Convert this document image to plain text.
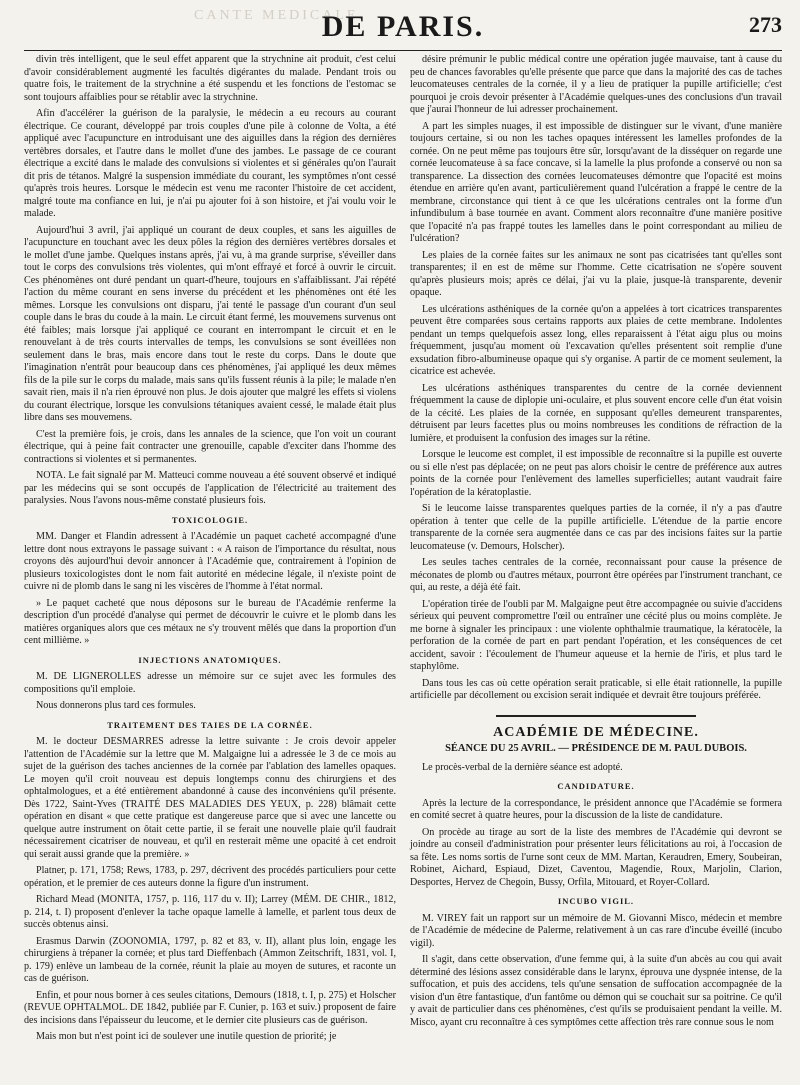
CANTE MEDICALE
DE PARIS.	273

divin très intelligent, que le seul effet apparent que la strychnine ait produit, c'est celui d'avoir considérablement augmenté les facultés digérantes du malade. Pendant trois ou quatre fois, le traitement de la strychnine a été suspendu et les fonctions de l'estomac se sont toujours affaiblies pour se rétablir avec la strychnine.

Afin d'accélérer la guérison de la paralysie, le médecin a eu recours au courant électrique. Ce courant, développé par trois couples d'une pile à colonne de Volta, a été appliqué avec l'acupuncture en introduisant une des aiguilles dans la région des dernières vertèbres dorsales, et l'autre dans le mollet d'une des jambes. Le passage de ce courant électrique a excité dans le malade des convulsions si violentes et si générales qu'on l'aurait dit pris de tétanos. Malgré la suspension immédiate du courant, les symptômes n'ont cessé qu'après trois heures. Lorsque le médecin est venu me raconter l'histoire de cet accident, malgré toute ma confiance en lui, je n'ai pu ajouter foi à son histoire, et j'ai voulu voir le malade.

Aujourd'hui 3 avril, j'ai appliqué un courant de deux couples, et sans les aiguilles de l'acupuncture en touchant avec les deux pôles la région des dernières vertèbres dorsales et le mollet d'une jambe. Quelques instans après, j'ai vu, à ma grande surprise, s'éveiller dans tout le corps des convulsions très violentes, qui m'ont effrayé et forcé à ouvrir le circuit. Ces phénomènes ont duré pendant un quart-d'heure, toujours en s'affaiblissant. J'ai répété l'action du même courant en sens inverse du précédent et les phénomènes ont été les mêmes. Lorsque les convulsions ont disparu, j'ai tenté le passage d'un courant d'un seul couple dans le bras du coude à la main. Le circuit étant fermé, les mouvemens survenus ont été faibles; mais lorsque j'ai appliqué ce courant en interrompant le circuit et en le renouvelant à de très courts intervalles de temps, les convulsions se sont éveillées non seulement dans le bras, mais encore dans tout le reste du corps. Dans le doute que l'imagination n'entrât pour beaucoup dans ces phénomènes, j'ai appliqué les deux mêmes fils de la pile sur le corps du malade, mais sans qu'ils fussent réunis à la pile; le malade n'en savait rien, mais il n'a rien éprouvé non plus. Je dois ajouter que malgré les effets si violens du courant électrique, lorsque les convulsions tétaniques avaient cessé, le malade était plus libre dans ses mouvemens.

C'est la première fois, je crois, dans les annales de la science, que l'on voit un courant électrique, qui à peine fait contracter une grenouille, capable d'exciter dans l'homme des contractions si violentes et si permanentes.

NOTA. Le fait signalé par M. Matteuci comme nouveau a été souvent observé et indiqué par les médecins qui se sont occupés de l'application de l'électricité au traitement des paralysies. Nous l'avons nous-même constaté plusieurs fois.

TOXICOLOGIE.

MM. Danger et Flandin adressent à l'Académie un paquet cacheté accompagné d'une lettre dont nous extrayons le passage suivant : « A raison de l'importance du résultat, nous croyons dès aujourd'hui devoir annoncer à l'Académie que, contrairement à l'opinion de plusieurs toxicologistes dont le nom fait autorité en médecine légale, il n'existe point de cuivre ni de plomb dans le sang ni les viscères de l'homme à l'état normal.

» Le paquet cacheté que nous déposons sur le bureau de l'Académie renferme la description d'un procédé d'analyse qui permet de découvrir le cuivre et le plomb dans les matières organiques alors que ces métaux ne s'y trouvent mêlés que dans la proportion d'un cent millième. »

INJECTIONS ANATOMIQUES.

M. DE LIGNEROLLES adresse un mémoire sur ce sujet avec les formules des compositions qu'il emploie.

Nous donnerons plus tard ces formules.

TRAITEMENT DES TAIES DE LA CORNÉE.

M. le docteur DESMARRES adresse la lettre suivante : Je crois devoir appeler l'attention de l'Académie sur la lettre que M. Malgaigne lui a adressée le 3 de ce mois au sujet de la guérison des taches anciennes de la cornée par l'ablation des lamelles opaques. Le moyen qu'il croit nouveau est depuis longtemps connu des chirurgiens et des ophtalmologues, et a été entièrement abandonné à cause des inconvéniens qu'il présente. Dès 1722, Saint-Yves (TRAITÉ DES MALADIES DES YEUX, p. 228) blâmait cette opération en disant « que cette pratique est dangereuse parce que si avec une lancette ou quelque autre instrument on ôtait cette partie, il se ferait une nouvelle plaie qu'il faudrait nécessairement cicatriser de nouveau, et qu'il en resterait même une opacité à cet endroit qui serait aussi grande que la première. »

Platner, p. 171, 1758; Rews, 1783, p. 297, décrivent des procédés particuliers pour cette opération, et le premier de ces auteurs donne la figure d'un instrument.

Richard Mead (MONITA, 1757, p. 116, 117 du v. II); Larrey (MÉM. DE CHIR., 1812, p. 214, t. I) proposent d'enlever la tache opaque lamelle à lamelle, et parlent tous deux de succès obtenus ainsi.

Erasmus Darwin (ZOONOMIA, 1797, p. 82 et 83, v. II), allant plus loin, engage les chirurgiens à trépaner la cornée; et plus tard Dieffenbach (Ammon Zeitschrift, 1831, vol. I, p. 179) enlève un lambeau de la cornée, réunit la plaie au moyen de sutures, et raconte un cas de guérison.

Enfin, et pour nous borner à ces seules citations, Demours (1818, t. I, p. 275) et Holscher (REVUE OPHTALMOL. DE 1842, publiée par F. Cunier, p. 163 et suiv.) proposent de faire des incisions dans l'épaisseur du leucome, et le dernier cite plusieurs cas de guérison.

Mais mon but n'est point ici de soulever une inutile question de priorité; je

désire prémunir le public médical contre une opération jugée mauvaise, tant à cause du peu de chances favorables qu'elle présente que parce que dans la majorité des cas de taches leucomateuses centrales de la cornée, il y a lieu de pratiquer la pupille artificielle; c'est pourquoi je crois devoir présenter à l'Académie quelques-unes des conclusions d'un travail que j'aurai l'honneur de lui adresser prochainement.

A part les simples nuages, il est impossible de distinguer sur le vivant, d'une manière toujours certaine, si ou non les taches opaques intéressent les lamelles profondes de la cornée. On ne peut même pas toujours être sûr, lorsqu'avant de la disséquer on regarde une cornée leucomateuse à sa face concave, si la lamelle la plus profonde a conservé ou non sa transparence. La dissection des cornées leucomateuses démontre que l'opacité est moins étendue en arrière qu'en avant, particulièrement quand l'ulcération a frappé le centre de la membrane, circonstance qui tient à ce que les ulcérations centrales ont la forme d'un infundibulum à base tournée en avant. Comment alors reconnaître d'une manière positive que l'opacité n'a pas frappé toutes les lamelles dans le point correspondant au milieu de l'ulcération?

Les plaies de la cornée faites sur les animaux ne sont pas cicatrisées tant qu'elles sont transparentes; il en est de même sur l'homme. Cette cicatrisation ne s'opère souvent qu'après plusieurs mois; après ce délai, j'ai vu la plaie, jusque-là transparente, devenir opaque.

Les ulcérations asthéniques de la cornée qu'on a appelées à tort cicatrices transparentes peuvent être comparées sous certains rapports aux plaies de cette membrane. Indolentes pendant un temps quelquefois assez long, elles reparaissent à l'état aigu plus ou moins fréquemment, jusqu'au moment où l'excavation qu'elles présentent soit remplie d'une exsudation fibro-albumineuse opaque qui s'y organise. A partir de ce moment seulement, la cicatrice est achevée.

Les ulcérations asthéniques transparentes du centre de la cornée deviennent fréquemment la cause de diplopie uni-oculaire, et plus souvent encore celle d'un état voisin de la cécité. Les plaies de la cornée, en supposant qu'elles demeurent transparentes, détruisent par leurs facettes plus ou moins nombreuses les conditions de réfraction de la lumière, et produisent la confusion des images sur la rétine.

Lorsque le leucome est complet, il est impossible de reconnaître si la pupille est ouverte ou si elle n'est pas déplacée; on ne peut pas alors choisir le centre de préférence aux autres points de la cornée pour l'enlèvement des lamelles superficielles; autant vaudrait faire l'opération de la kératoplastie.

Si le leucome laisse transparentes quelques parties de la cornée, il n'y a pas d'autre opération à tenter que celle de la pupille artificielle. L'étendue de la partie encore transparente de la cornée sera augmentée dans ce cas par des incisions faites sur la partie leucomateuse (v. Demours, Holscher).

Les seules taches centrales de la cornée, reconnaissant pour cause la présence de méconates de plomb ou d'autres métaux, pourront être opérées par l'instrument tranchant, ce qui, au reste, a déjà été fait.

L'opération tirée de l'oubli par M. Malgaigne peut être accompagnée ou suivie d'accidens sérieux qui peuvent compromettre l'œil ou entraîner une cécité plus ou moins complète. Je me borne à signaler les principaux : une violente ophthalmie traumatique, la kératocèle, la perforation de la cornée de part en part pendant l'opération, et les conséquences de cet accident, savoir : l'écoulement de l'humeur aqueuse et la hernie de l'iris, et plus tard le staphylôme.

Dans tous les cas où cette opération serait praticable, si elle était rationnelle, la pupille artificielle par décollement ou excision serait indiquée et devrait être toujours préférée.

ACADÉMIE DE MÉDECINE.
SÉANCE DU 25 AVRIL. — PRÉSIDENCE DE M. PAUL DUBOIS.

Le procès-verbal de la dernière séance est adopté.

CANDIDATURE.

Après la lecture de la correspondance, le président annonce que l'Académie se formera en comité secret à quatre heures, pour la discussion de la liste de candidature.

On procède au tirage au sort de la liste des membres de l'Académie qui devront se joindre au conseil d'administration pour présenter leurs félicitations au roi, à l'occasion de sa fête. Les noms sortis de l'urne sont ceux de MM. Martan, Keraudren, Emery, Soubeiran, Robinet, Aichard, Espiaud, Dizet, Caventou, Magendie, Roux, Marjolin, Clarion, Desportes, Hervez de Chegoin, Bussy, Orfila, Mitouard, et Royer-Collard.

INCUBO VIGIL.

M. VIREY fait un rapport sur un mémoire de M. Giovanni Misco, médecin et membre de l'Académie de médecine de Palerme, relativement à un cas rare d'incube éveillé (incubo vigil).

Il s'agit, dans cette observation, d'une femme qui, à la suite d'un abcès au cou qui avait déterminé des lésions assez considérable dans le larynx, éprouva une dyspnée intense, de la suffocation, et puis des accidens, tels qu'une sensation de suffocation accompagnée de la vision d'un être fantastique, d'un fantôme ou démon qui se couchait sur sa poitrine. Ce qu'il y avait de particulier dans ces phénomènes, c'est qu'ils se produisaient pendant la veille. M. Misco, ayant cru reconnaître à ces symptômes cette affection très rare connue sous le nom
